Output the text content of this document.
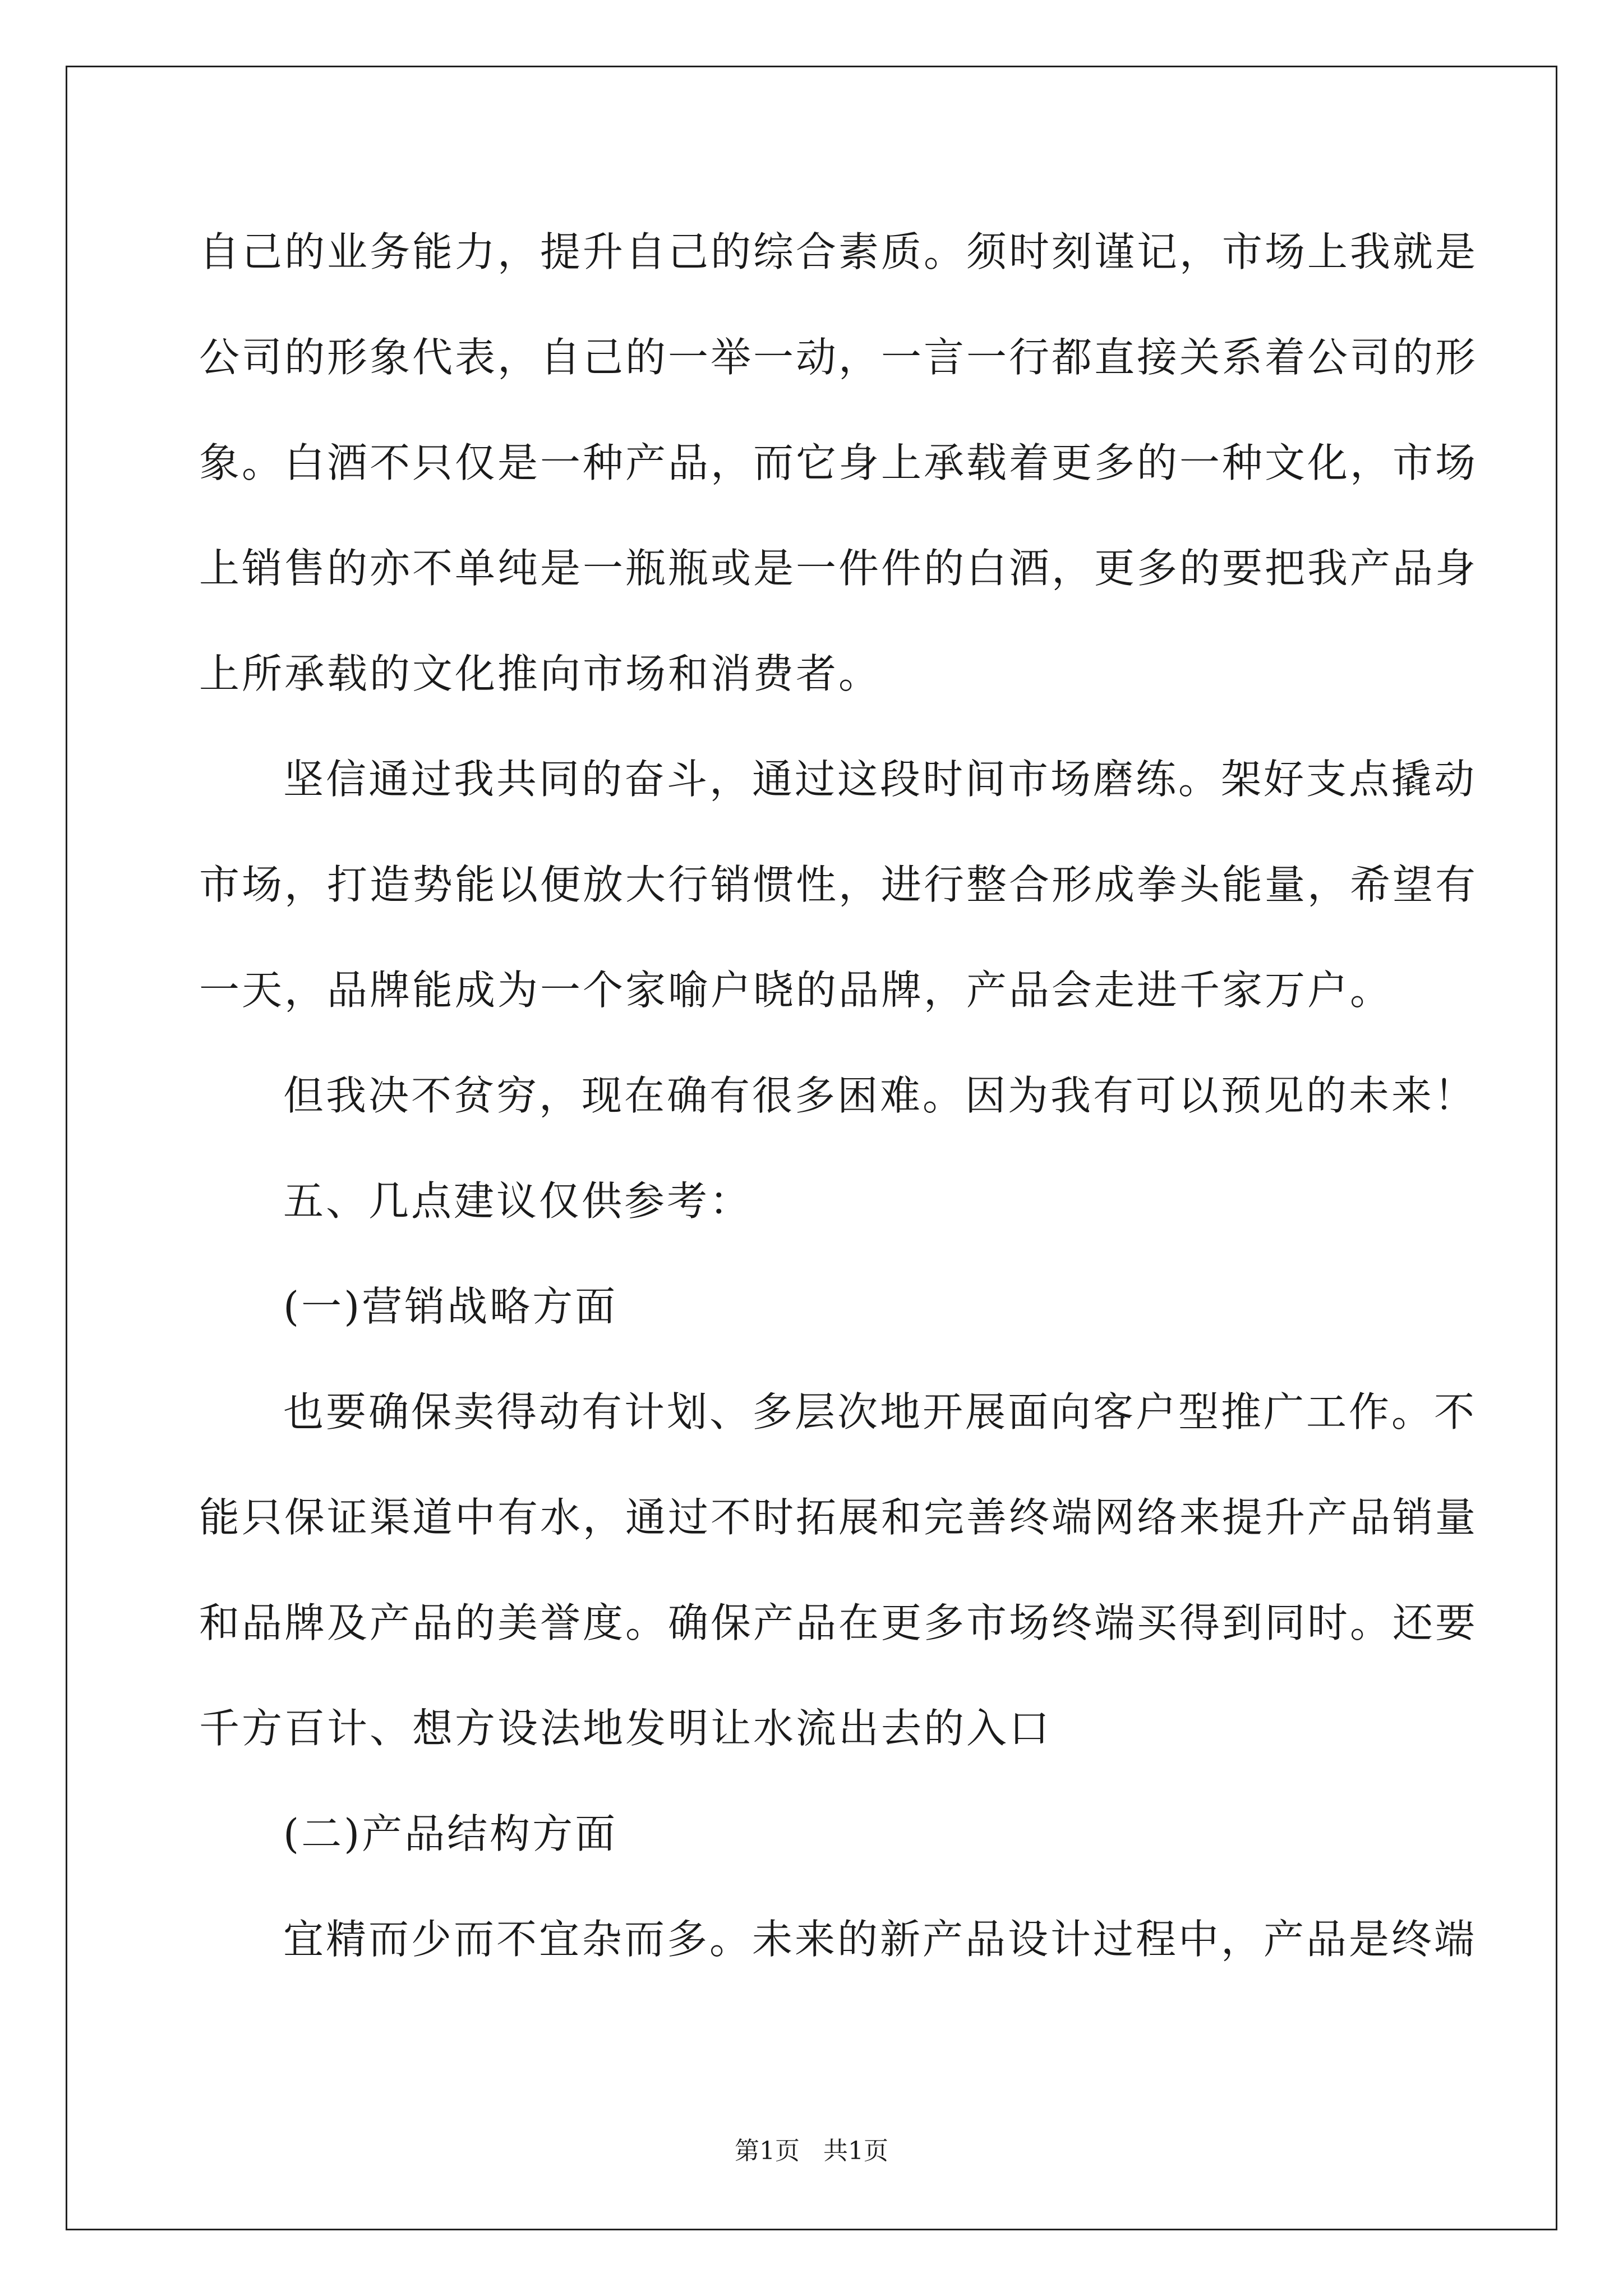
自己的业务能力，提升自己的综合素质。须时刻谨记，市场上我就是
公司的形象代表，自己的一举一动，一言一行都直接关系着公司的形
象。白酒不只仅是一种产品，而它身上承载着更多的一种文化，市场
上销售的亦不单纯是一瓶瓶或是一件件的白酒，更多的要把我产品身
上所承载的文化推向市场和消费者。
坚信通过我共同的奋斗，通过这段时间市场磨练。架好支点撬动
市场，打造势能以便放大行销惯性，进行整合形成拳头能量，希望有
一天，品牌能成为一个家喻户晓的品牌，产品会走进千家万户。
但我决不贫穷，现在确有很多困难。因为我有可以预见的未来！
五、几点建议仅供参考：
(一)营销战略方面
也要确保卖得动有计划、多层次地开展面向客户型推广工作。不
能只保证渠道中有水，通过不时拓展和完善终端网络来提升产品销量
和品牌及产品的美誉度。确保产品在更多市场终端买得到同时。还要
千方百计、想方设法地发明让水流出去的入口
(二)产品结构方面
宜精而少而不宜杂而多。未来的新产品设计过程中，产品是终端
第1页   共1页
